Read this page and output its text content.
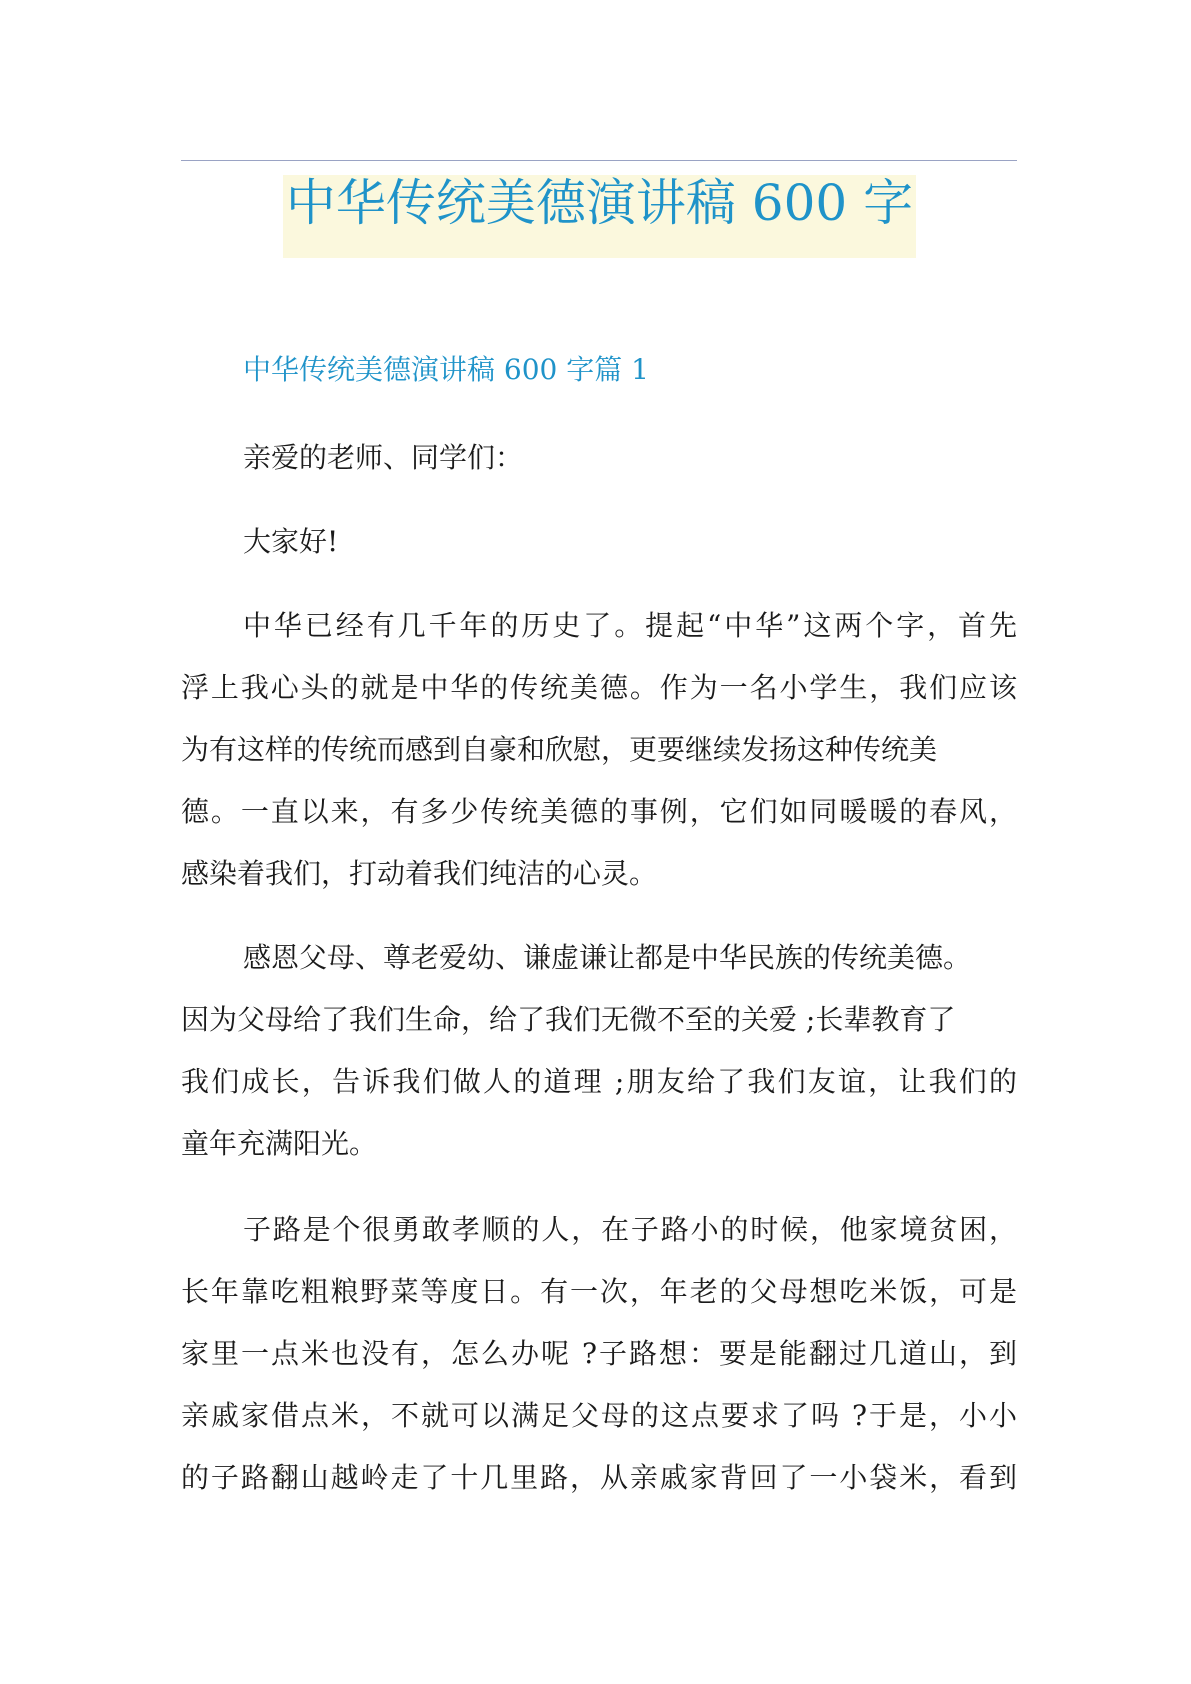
中华传统美德演讲稿 600 字
中华传统美德演讲稿 600 字篇 1

亲爱的老师、同学们：

大家好!

中华已经有几千年的历史了。提起“中华”这两个字，首先

浮上我心头的就是中华的传统美德。作为一名小学生，我们应该

为有这样的传统而感到自豪和欣慰，更要继续发扬这种传统美

德。一直以来，有多少传统美德的事例，它们如同暖暖的春风，

感染着我们，打动着我们纯洁的心灵。

感恩父母、尊老爱幼、谦虚谦让都是中华民族的传统美德。

因为父母给了我们生命，给了我们无微不至的关爱 ;长辈教育了

我们成长，告诉我们做人的道理 ;朋友给了我们友谊，让我们的

童年充满阳光。

子路是个很勇敢孝顺的人，在子路小的时候，他家境贫困，

长年靠吃粗粮野菜等度日。有一次，年老的父母想吃米饭，可是

家里一点米也没有，怎么办呢 ?子路想：要是能翻过几道山，到

亲戚家借点米，不就可以满足父母的这点要求了吗 ?于是，小小

的子路翻山越岭走了十几里路，从亲戚家背回了一小袋米，看到
